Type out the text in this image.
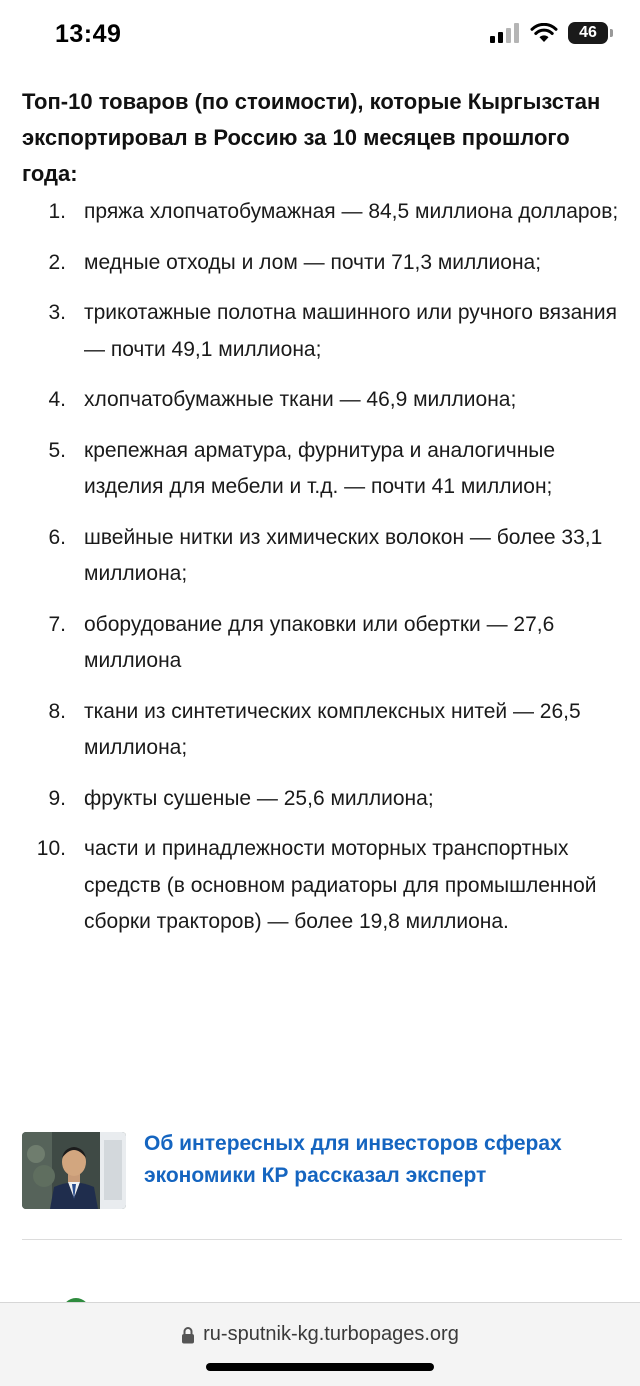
13:49	46
Топ-10 товаров (по стоимости), которые Кыргызстан экспортировал в Россию за 10 месяцев прошлого года:
1. пряжа хлопчатобумажная — 84,5 миллиона долларов;
2. медные отходы и лом — почти 71,3 миллиона;
3. трикотажные полотна машинного или ручного вязания — почти 49,1 миллиона;
4. хлопчатобумажные ткани — 46,9 миллиона;
5. крепежная арматура, фурнитура и аналогичные изделия для мебели и т.д. — почти 41 миллион;
6. швейные нитки из химических волокон — более 33,1 миллиона;
7. оборудование для упаковки или обертки — 27,6 миллиона
8. ткани из синтетических комплексных нитей — 26,5 миллиона;
9. фрукты сушеные — 25,6 миллиона;
10. части и принадлежности моторных транспортных средств (в основном радиаторы для промышленной сборки тракторов) — более 19,8 миллиона.
Об интересных для инвесторов сферах экономики КР рассказал эксперт
ru-sputnik-kg.turbopages.org
